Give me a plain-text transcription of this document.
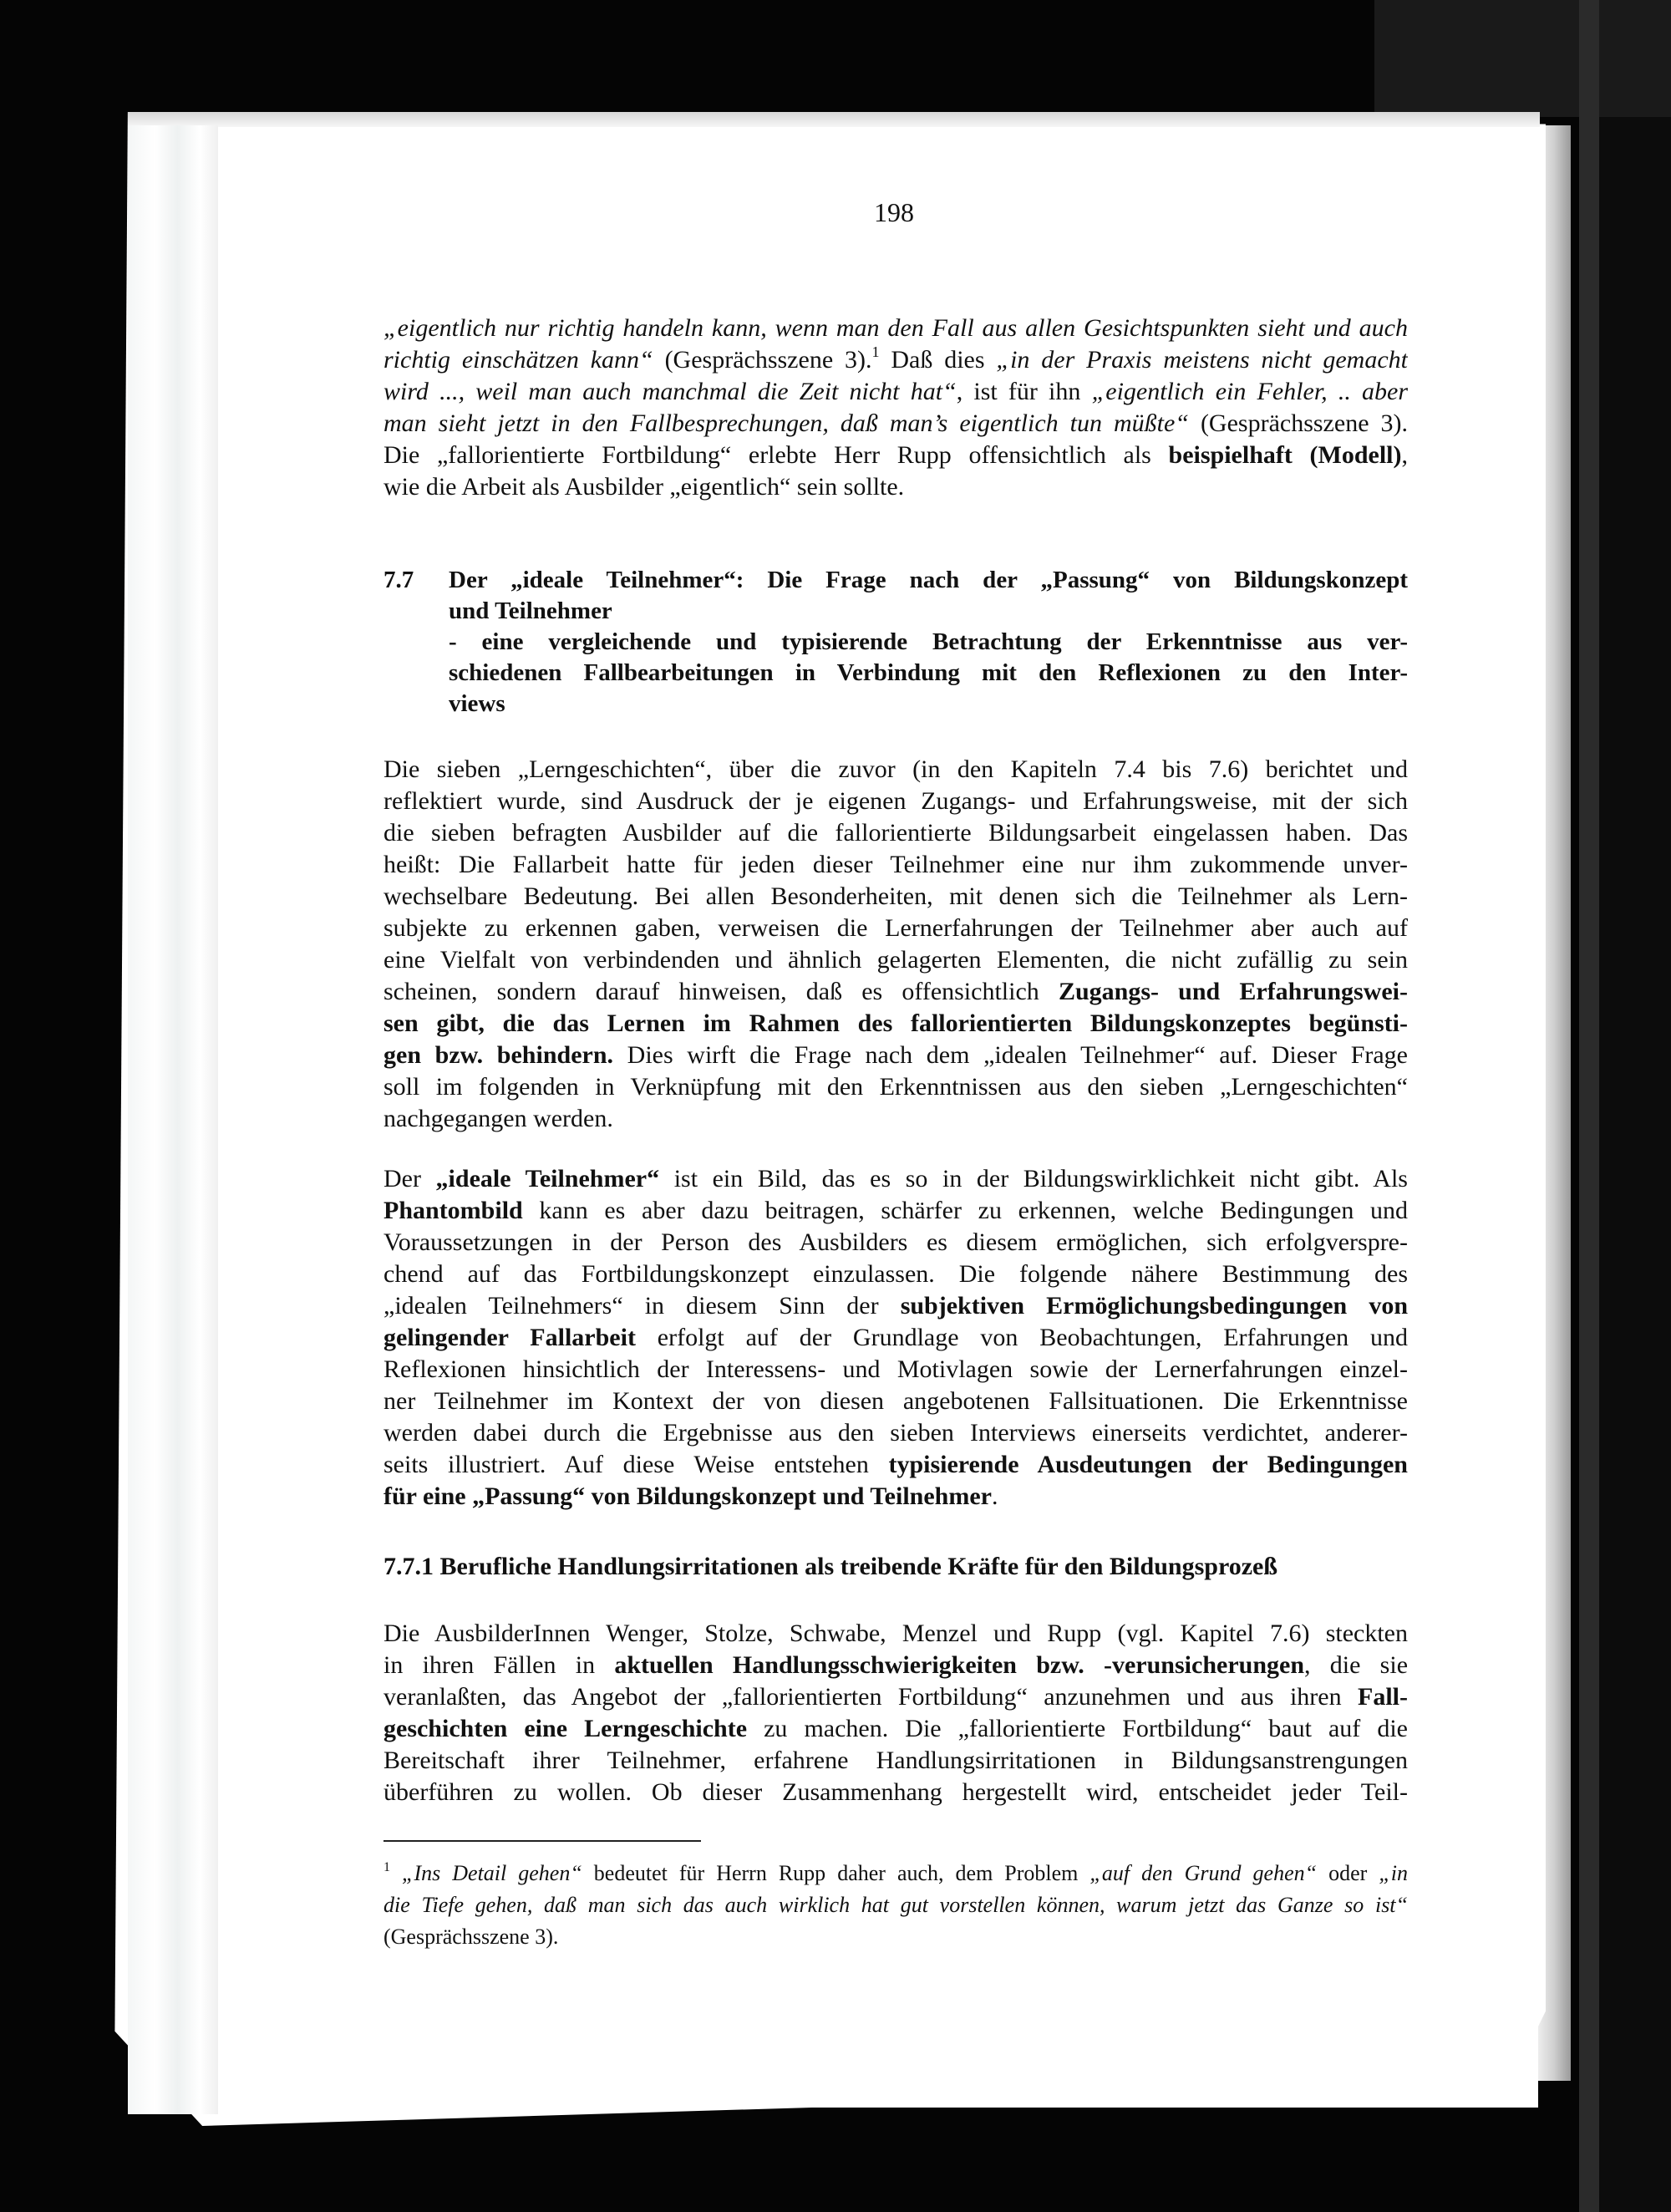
198
„eigentlich nur richtig handeln kann, wenn man den Fall aus allen Gesichtspunkten sieht und auch
richtig einschätzen kann“ (Gesprächsszene 3).$^1$ Daß dies „in der Praxis meistens nicht gemacht
wird ..., weil man auch manchmal die Zeit nicht hat“, ist für ihn „eigentlich ein Fehler, .. aber
man sieht jetzt in den Fallbesprechungen, daß man’s eigentlich tun müßte“ (Gesprächsszene 3).
Die „fallorientierte Fortbildung“ erlebte Herr Rupp offensichtlich als beispielhaft (Modell),
wie die Arbeit als Ausbilder „eigentlich“ sein sollte.
7.7 Der „ideale Teilnehmer“: Die Frage nach der „Passung“ von Bildungskonzept
und Teilnehmer
- eine vergleichende und typisierende Betrachtung der Erkenntnisse aus ver-
schiedenen Fallbearbeitungen in Verbindung mit den Reflexionen zu den Inter-
views
Die sieben „Lerngeschichten“, über die zuvor (in den Kapiteln 7.4 bis 7.6) berichtet und
reflektiert wurde, sind Ausdruck der je eigenen Zugangs- und Erfahrungsweise, mit der sich
die sieben befragten Ausbilder auf die fallorientierte Bildungsarbeit eingelassen haben. Das
heißt: Die Fallarbeit hatte für jeden dieser Teilnehmer eine nur ihm zukommende unver-
wechselbare Bedeutung. Bei allen Besonderheiten, mit denen sich die Teilnehmer als Lern-
subjekte zu erkennen gaben, verweisen die Lernerfahrungen der Teilnehmer aber auch auf
eine Vielfalt von verbindenden und ähnlich gelagerten Elementen, die nicht zufällig zu sein
scheinen, sondern darauf hinweisen, daß es offensichtlich Zugangs- und Erfahrungswei-
sen gibt, die das Lernen im Rahmen des fallorientierten Bildungskonzeptes begünsti-
gen bzw. behindern. Dies wirft die Frage nach dem „idealen Teilnehmer“ auf. Dieser Frage
soll im folgenden in Verknüpfung mit den Erkenntnissen aus den sieben „Lerngeschichten“
nachgegangen werden.
Der „ideale Teilnehmer“ ist ein Bild, das es so in der Bildungswirklichkeit nicht gibt. Als
Phantombild kann es aber dazu beitragen, schärfer zu erkennen, welche Bedingungen und
Voraussetzungen in der Person des Ausbilders es diesem ermöglichen, sich erfolgverspre-
chend auf das Fortbildungskonzept einzulassen. Die folgende nähere Bestimmung des
„idealen Teilnehmers“ in diesem Sinn der subjektiven Ermöglichungsbedingungen von
gelingender Fallarbeit erfolgt auf der Grundlage von Beobachtungen, Erfahrungen und
Reflexionen hinsichtlich der Interessens- und Motivlagen sowie der Lernerfahrungen einzel-
ner Teilnehmer im Kontext der von diesen angebotenen Fallsituationen. Die Erkenntnisse
werden dabei durch die Ergebnisse aus den sieben Interviews einerseits verdichtet, anderer-
seits illustriert. Auf diese Weise entstehen typisierende Ausdeutungen der Bedingungen
für eine „Passung“ von Bildungskonzept und Teilnehmer.
7.7.1 Berufliche Handlungsirritationen als treibende Kräfte für den Bildungsprozeß
Die AusbilderInnen Wenger, Stolze, Schwabe, Menzel und Rupp (vgl. Kapitel 7.6) steckten
in ihren Fällen in aktuellen Handlungsschwierigkeiten bzw. -verunsicherungen, die sie
veranlaßten, das Angebot der „fallorientierten Fortbildung“ anzunehmen und aus ihren Fall-
geschichten eine Lerngeschichte zu machen. Die „fallorientierte Fortbildung“ baut auf die
Bereitschaft ihrer Teilnehmer, erfahrene Handlungsirritationen in Bildungsanstrengungen
überführen zu wollen. Ob dieser Zusammenhang hergestellt wird, entscheidet jeder Teil-
$^1$ „Ins Detail gehen“ bedeutet für Herrn Rupp daher auch, dem Problem „auf den Grund gehen“ oder „in
die Tiefe gehen, daß man sich das auch wirklich hat gut vorstellen können, warum jetzt das Ganze so ist“
(Gesprächsszene 3).
